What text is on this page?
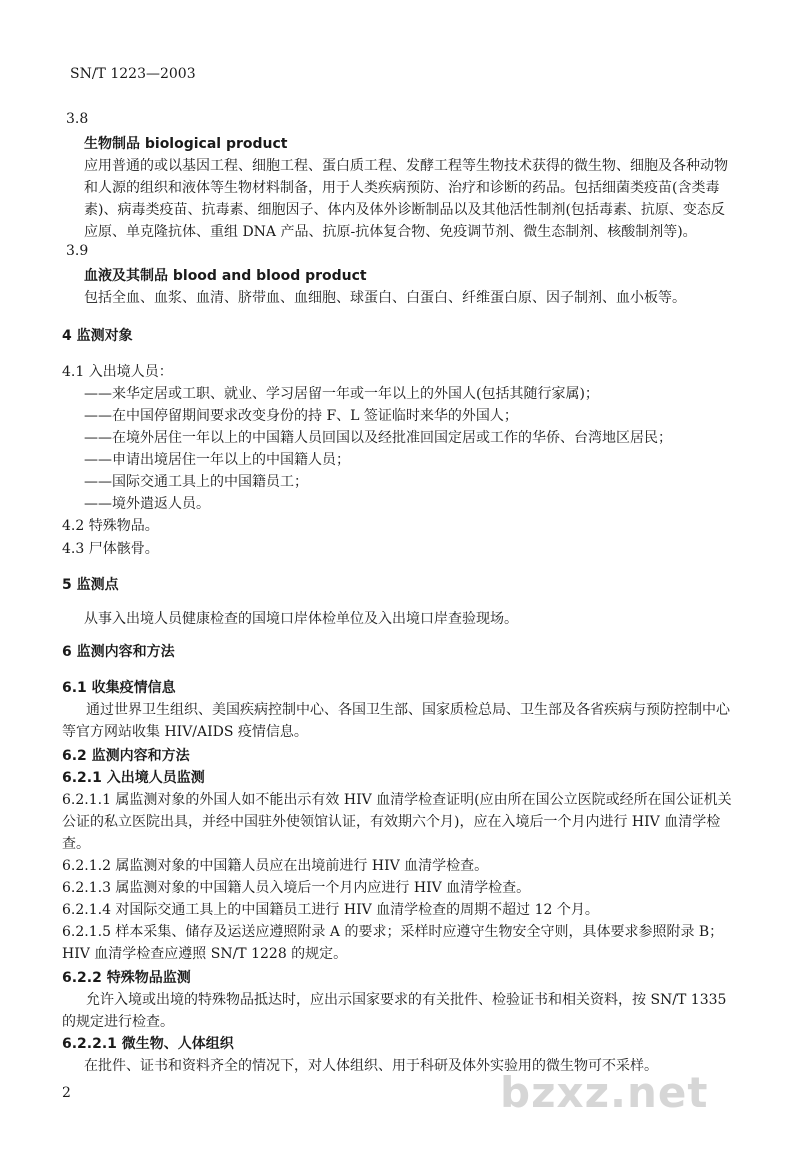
SN/T 1223—2003
3.8
生物制品 biological product
应用普通的或以基因工程、细胞工程、蛋白质工程、发酵工程等生物技术获得的微生物、细胞及各种动物和人源的组织和液体等生物材料制备，用于人类疾病预防、治疗和诊断的药品。包括细菌类疫苗(含类毒素)、病毒类疫苗、抗毒素、细胞因子、体内及体外诊断制品以及其他活性制剂(包括毒素、抗原、变态反应原、单克隆抗体、重组 DNA 产品、抗原-抗体复合物、免疫调节剂、微生态制剂、核酸制剂等)。
3.9
血液及其制品 blood and blood product
包括全血、血浆、血清、脐带血、血细胞、球蛋白、白蛋白、纤维蛋白原、因子制剂、血小板等。
4 监测对象
4.1 入出境人员：
——来华定居或工职、就业、学习居留一年或一年以上的外国人(包括其随行家属)；
——在中国停留期间要求改变身份的持 F、L 签证临时来华的外国人；
——在境外居住一年以上的中国籍人员回国以及经批准回国定居或工作的华侨、台湾地区居民；
——申请出境居住一年以上的中国籍人员；
——国际交通工具上的中国籍员工；
——境外遣返人员。
4.2 特殊物品。
4.3 尸体骸骨。
5 监测点
从事入出境人员健康检查的国境口岸体检单位及入出境口岸查验现场。
6 监测内容和方法
6.1 收集疫情信息
通过世界卫生组织、美国疾病控制中心、各国卫生部、国家质检总局、卫生部及各省疾病与预防控制中心等官方网站收集 HIV/AIDS 疫情信息。
6.2 监测内容和方法
6.2.1 入出境人员监测
6.2.1.1 属监测对象的外国人如不能出示有效 HIV 血清学检查证明(应由所在国公立医院或经所在国公证机关公证的私立医院出具，并经中国驻外使领馆认证，有效期六个月)，应在入境后一个月内进行 HIV 血清学检查。
6.2.1.2 属监测对象的中国籍人员应在出境前进行 HIV 血清学检查。
6.2.1.3 属监测对象的中国籍人员入境后一个月内应进行 HIV 血清学检查。
6.2.1.4 对国际交通工具上的中国籍员工进行 HIV 血清学检查的周期不超过 12 个月。
6.2.1.5 样本采集、储存及运送应遵照附录 A 的要求；采样时应遵守生物安全守则，具体要求参照附录 B；HIV 血清学检查应遵照 SN/T 1228 的规定。
6.2.2 特殊物品监测
允许入境或出境的特殊物品抵达时，应出示国家要求的有关批件、检验证书和相关资料，按 SN/T 1335 的规定进行检查。
6.2.2.1 微生物、人体组织
在批件、证书和资料齐全的情况下，对人体组织、用于科研及体外实验用的微生物可不采样。
2	bzxz.net
